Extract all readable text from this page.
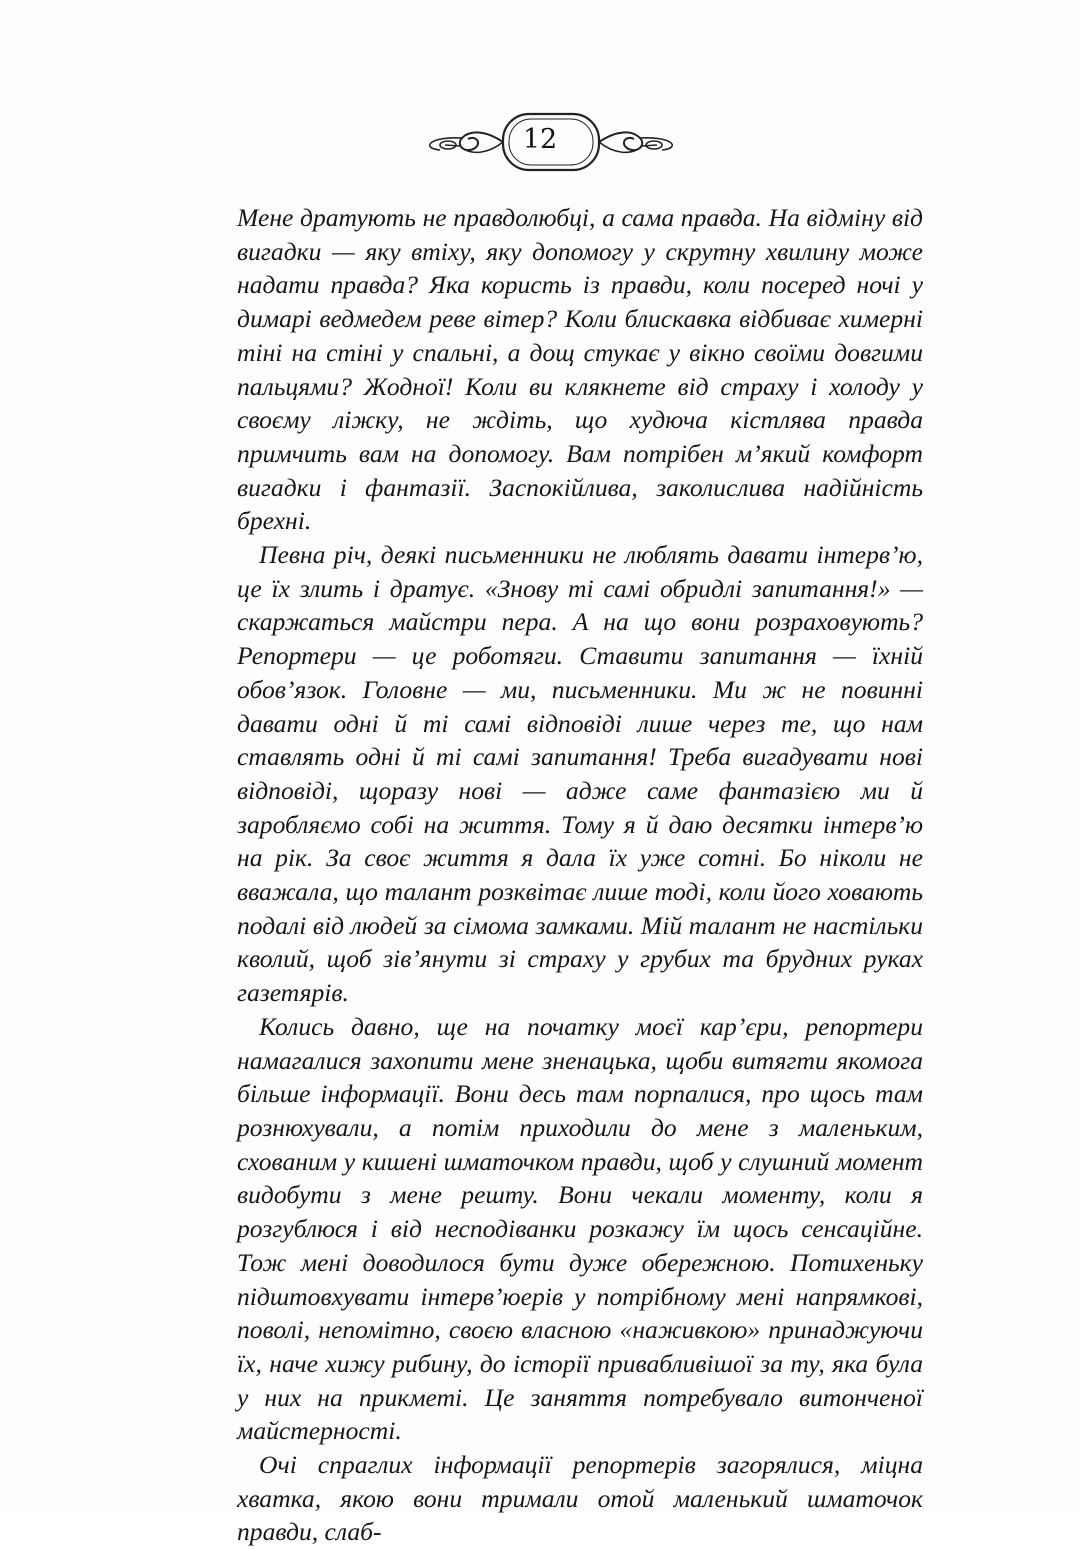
12

Мене дратують не правдолюбці, а сама правда. На відміну від вигадки — яку втіху, яку допомогу у скрутну хвилину може надати правда? Яка користь із правди, коли посеред ночі у димарі ведмедем реве вітер? Коли блискавка відбиває химерні тіні на стіні у спальні, а дощ стукає у вікно своїми довгими пальцями? Жодної! Коли ви клякнете від страху і холоду у своєму ліжку, не ждіть, що худюча кістлява правда примчить вам на допомогу. Вам потрібен м’який комфорт вигадки і фантазії. Заспокійлива, заколислива надійність брехні.

Певна річ, деякі письменники не люблять давати інтерв’ю, це їх злить і дратує. «Знову ті самі обридлі запитання!» — скаржаться майстри пера. А на що вони розраховують? Репортери — це роботяги. Ставити запитання — їхній обов’язок. Головне — ми, письменники. Ми ж не повинні давати одні й ті самі відповіді лише через те, що нам ставлять одні й ті самі запитання! Треба вигадувати нові відповіді, щоразу нові — адже саме фантазією ми й заробляємо собі на життя. Тому я й даю десятки інтерв’ю на рік. За своє життя я дала їх уже сотні. Бо ніколи не вважала, що талант розквітає лише тоді, коли його ховають подалі від людей за сімома замками. Мій талант не настільки кволий, щоб зів’янути зі страху у грубих та брудних руках газетярів.

Колись давно, ще на початку моєї кар’єри, репортери намагалися захопити мене зненацька, щоби витягти якомога більше інформації. Вони десь там порпалися, про щось там рознюхували, а потім приходили до мене з маленьким, схованим у кишені шматочком правди, щоб у слушний момент видобути з мене решту. Вони чекали моменту, коли я розгублюся і від несподіванки розкажу їм щось сенсаційне. Тож мені доводилося бути дуже обережною. Потихеньку підштовхувати інтерв’юерів у потрібному мені напрямкові, поволі, непомітно, своєю власною «наживкою» принаджуючи їх, наче хижу рибину, до історії привабливішої за ту, яка була у них на прикметі. Це заняття потребувало витонченої майстерності.

Очі спраглих інформації репортерів загорялися, міцна хватка, якою вони тримали отой маленький шматочок правди, слаб-
